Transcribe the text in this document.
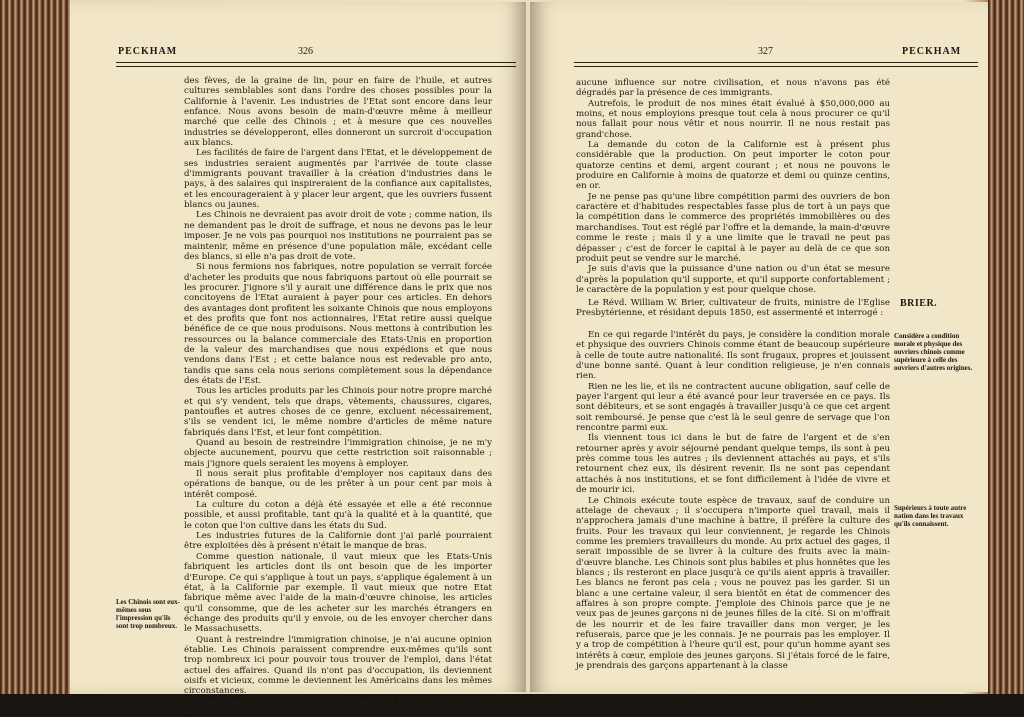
PECKHAM	326

des fèves, de la graine de lin, pour en faire de l'huile, et autres cultures semblables sont dans l'ordre des choses possibles pour la Californie à l'avenir. Les industries de l'Etat sont encore dans leur enfance. Nous avons besoin de main-d'œuvre même à meilleur marché que celle des Chinois ; et à mesure que ces nouvelles industries se développeront, elles donneront un surcroit d'occupation aux blancs.

Les facilités de faire de l'argent dans l'Etat, et le développement de ses industries seraient augmentés par l'arrivée de toute classe d'immigrants pouvant travailler à la création d'industries dans le pays, à des salaires qui inspireraient de la confiance aux capitalistes, et les encourageraient à y placer leur argent, que les ouvriers fussent blancs ou jaunes.

Les Chinois ne devraient pas avoir droit de vote ; comme nation, ils ne demandent pas le droit de suffrage, et nous ne devons pas le leur imposer. Je ne vois pas pourquoi nos institutions ne pourraient pas se maintenir, même en présence d'une population mâle, excédant celle des blancs, si elle n'a pas droit de vote.

Si nous fermions nos fabriques, notre population se verrait forcée d'acheter les produits que nous fabriquons partout où elle pourrait se les procurer. J'ignore s'il y aurait une différence dans le prix que nos concitoyens de l'Etat auraient à payer pour ces articles. En dehors des avantages dont profitent les soixante Chinois que nous employons et des profits que font nos actionnaires, l'Etat retire aussi quelque bénéfice de ce que nous produisons. Nous mettons à contribution les ressources ou la balance commerciale des Etats-Unis en proportion de la valeur des marchandises que nous expédions et que nous vendons dans l'Est ; et cette balance nous est redevable pro anto, tandis que sans cela nous serions complètement sous la dépendance des états de l'Est.

Tous les articles produits par les Chinois pour notre propre marché et qui s'y vendent, tels que draps, vêtements, chaussures, cigares, pantoufles et autres choses de ce genre, excluent nécessairement, s'ils se vendent ici, le même nombre d'articles de même nature fabriqués dans l'Est, et leur font compétition.

Quand au besoin de restreindre l'immigration chinoise, je ne m'y objecte aucunement, pourvu que cette restriction soit raisonnable ; mais j'ignore quels seraient les moyens à employer.

Il nous serait plus profitable d'employer nos capitaux dans des opérations de banque, ou de les prêter à un pour cent par mois à intérêt composé.

La culture du coton a déjà été essayée et elle a été reconnue possible, et aussi profitable, tant qu'à la qualité et à la quantité, que le coton que l'on cultive dans les états du Sud.

Les industries futures de la Californie dont j'ai parlé pourraient être exploitées dès à présent n'était le manque de bras.

Comme question nationale, il vaut mieux que les Etats-Unis fabriquent les articles dont ils ont besoin que de les importer d'Europe. Ce qui s'applique à tout un pays, s'applique également à un état, à la Californie par exemple. Il vaut mieux que notre Etat fabrique même avec l'aide de la main-d'œuvre chinoise, les articles qu'il consomme, que de les acheter sur les marchés étrangers en échange des produits qu'il y envoie, ou de les envoyer chercher dans le Massachusetts.

Quant à restreindre l'immigration chinoise, je n'ai aucune opinion établie. Les Chinois paraissent comprendre eux-mêmes qu'ils sont trop nombreux ici pour pouvoir tous trouver de l'emploi, dans l'état actuel des affaires. Quand ils n'ont pas d'occupation, ils deviennent oisifs et vicieux, comme le deviennent les Américains dans les mêmes circonstances.

L'immigration des Chinois pendant les vingt dernières années n'a ou

Les Chinois sont eux-mêmes sous l'impression qu'ils sont trop nombreux.
327	PECKHAM

aucune influence sur notre civilisation, et nous n'avons pas été dégradés par la présence de ces immigrants.

Autrefois, le produit de nos mines était évalué à $50,000,000 au moins, et nous employions presque tout cela à nous procurer ce qu'il nous fallait pour nous vêtir et nous nourrir. Il ne nous restait pas grand'chose.

La demande du coton de la Californie est à présent plus considérable que la production. On peut importer le coton pour quatorze centins et demi, argent courant ; et nous ne pouvons le produire en Californie à moins de quatorze et demi ou quinze centins, en or.

Je ne pense pas qu'une libre compétition parmi des ouvriers de bon caractère et d'habitudes respectables fasse plus de tort à un pays que la compétition dans le commerce des propriétés immobilières ou des marchandises. Tout est réglé par l'offre et la demande, la main-d'œuvre comme le reste ; mais il y a une limite que le travail ne peut pas dépasser ; c'est de forcer le capital à le payer au delà de ce que son produit peut se vendre sur le marché.

Je suis d'avis que la puissance d'une nation ou d'un état se mesure d'après la population qu'il supporte, et qu'il supporte confortablement ; le caractère de la population y est pour quelque chose.

Le Révd. William W. Brier, cultivateur de fruits, ministre de l'Eglise Presbytérienne, et résidant depuis 1850, est assermenté et interrogé :

BRIER.

En ce qui regarde l'intérêt du pays, je considère la condition morale et physique des ouvriers Chinois comme étant de beaucoup supérieure à celle de toute autre nationalité. Ils sont frugaux, propres et jouissent d'une bonne santé. Quant à leur condition religieuse, je n'en connais rien.

Rien ne les lie, et ils ne contractent aucune obligation, sauf celle de payer l'argent qui leur a été avancé pour leur traversée en ce pays. Ils sont débiteurs, et se sont engagés à travailler jusqu'à ce que cet argent soit remboursé. Je pense que c'est là le seul genre de servage que l'on rencontre parmi eux.

Ils viennent tous ici dans le but de faire de l'argent et de s'en retourner après y avoir séjourné pendant quelque temps, ils sont à peu près comme tous les autres ; ils deviennent attachés au pays, et s'ils retournent chez eux, ils désirent revenir. Ils ne sont pas cependant attachés à nos institutions, et se font difficilement à l'idée de vivre et de mourir ici.

Le Chinois exécute toute espèce de travaux, sauf de conduire un attelage de chevaux ; il s'occupera n'importe quel travail, mais il n'approchera jamais d'une machine à battre, il préfère la culture des fruits. Pour les travaux qui leur conviennent, je regarde les Chinois comme les premiers travailleurs du monde. Au prix actuel des gages, il serait impossible de se livrer à la culture des fruits avec la main-d'œuvre blanche. Les Chinois sont plus habiles et plus honnêtes que les blancs ; ils resteront en place jusqu'à ce qu'ils aient appris à travailler. Les blancs ne feront pas cela ; vous ne pouvez pas les garder. Si un blanc a une certaine valeur, il sera bientôt en état de commencer des affaires à son propre compte. J'emploie des Chinois parce que je ne veux pas de jeunes garçons ni de jeunes filles de la cité. Si on m'offrait de les nourrir et de les faire travailler dans mon verger, je les refuserais, parce que je les connais. Je ne pourrais pas les employer. Il y a trop de compétition à l'heure qu'il est, pour qu'un homme ayant ses intérêts à cœur, emploie des jeunes garçons. Si j'étais forcé de le faire, je prendrais des garçons appartenant à la classe

Considère a condition morale et physique des ouvriers chinois comme supérieure à celle des ouvriers d'autres origines.
Supérieurs à toute autre nation dans les travaux qu'ils connaissent.
